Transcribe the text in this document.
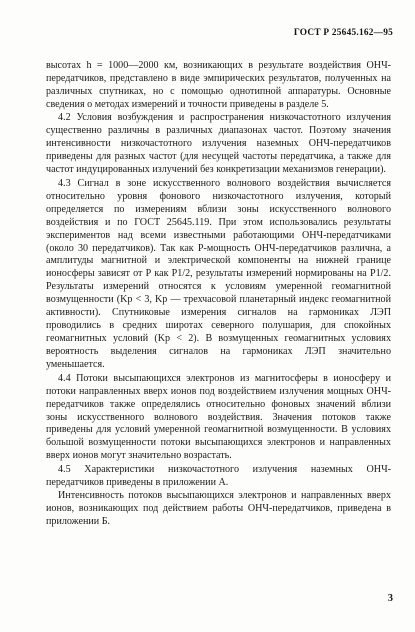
ГОСТ Р 25645.162—95

высотах h = 1000—2000 км, возникающих в результате воздействия ОНЧ-передатчиков, представлено в виде эмпирических результатов, полученных на различных спутниках, но с помощью однотипной аппаратуры. Основные сведения о методах измерений и точности приведены в разделе 5.

4.2 Условия возбуждения и распространения низкочастотного излучения существенно различны в различных диапазонах частот. Поэтому значения интенсивности низкочастотного излучения наземных ОНЧ-передатчиков приведены для разных частот (для несущей частоты передатчика, а также для частот индуцированных излучений без конкретизации механизмов генерации).

4.3 Сигнал в зоне искусственного волнового воздействия вычисляется относительно уровня фонового низкочастотного излучения, который определяется по измерениям вблизи зоны искусственного волнового воздействия и по ГОСТ 25645.119. При этом использовались результаты экспериментов над всеми известными работающими ОНЧ-передатчиками (около 30 передатчиков). Так как Р-мощность ОНЧ-передатчиков различна, а амплитуды магнитной и электрической компоненты на нижней границе ионосферы зависят от Р как P1/2, результаты измерений нормированы на P1/2. Результаты измерений относятся к условиям умеренной геомагнитной возмущенности (Kp < 3, Kp — трехчасовой планетарный индекс геомагнитной активности). Спутниковые измерения сигналов на гармониках ЛЭП проводились в средних широтах северного полушария, для спокойных геомагнитных условий (Kp < 2). В возмущенных геомагнитных условиях вероятность выделения сигналов на гармониках ЛЭП значительно уменьшается.

4.4 Потоки высыпающихся электронов из магнитосферы в ионосферу и потоки направленных вверх ионов под воздействием излучения мощных ОНЧ-передатчиков также определялись относительно фоновых значений вблизи зоны искусственного волнового воздействия. Значения потоков также приведены для условий умеренной геомагнитной возмущенности. В условиях большой возмущенности потоки высыпающихся электронов и направленных вверх ионов могут значительно возрастать.

4.5 Характеристики низкочастотного излучения наземных ОНЧ-передатчиков приведены в приложении А.

Интенсивность потоков высыпающихся электронов и направленных вверх ионов, возникающих под действием работы ОНЧ-передатчиков, приведена в приложении Б.

3
